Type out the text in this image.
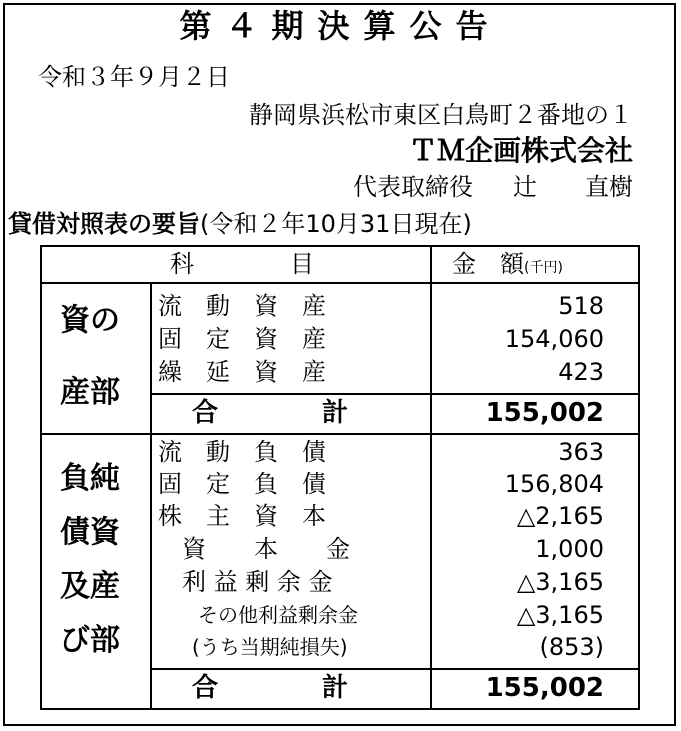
第４期決算公告
令和３年９月２日
静岡県浜松市東区白鳥町２番地の１
ＴＭ企画株式会社
代表取締役 辻　　直樹
貸借対照表の要旨(令和２年10月31日現在)
科　　　　目	金　額(千円)
資の
産部
流　動　資　産	518
固　定　資　産	154,060
繰　延　資　産	423
合　　　　計	155,002
負純
債資
及産
び部
流　動　負　債	363
固　定　負　債	156,804
株　主　資　本	△2,165
資　　本　　金	1,000
利 益 剰 余 金	△3,165
その他利益剰余金	△3,165
(うち当期純損失)	(853)
合　　　　計	155,002
